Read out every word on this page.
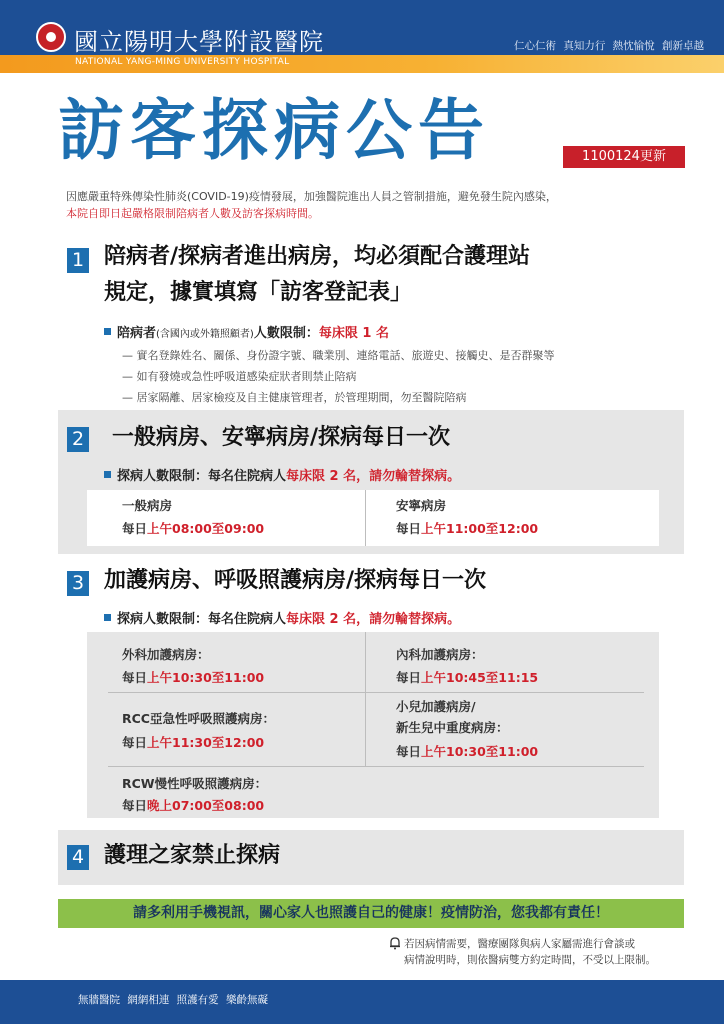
國立陽明大學附設醫院
NATIONAL YANG-MING UNIVERSITY HOSPITAL
仁心仁術 真知力行 熱忱愉悅 創新卓越
訪客探病公告	1100124更新
因應嚴重特殊傳染性肺炎(COVID-19)疫情發展，加強醫院進出人員之管制措施，避免發生院內感染，
本院自即日起嚴格限制陪病者人數及訪客探病時間。
1 陪病者/探病者進出病房，均必須配合護理站
規定，據實填寫「訪客登記表」
陪病者(含國內或外籍照顧者)人數限制：每床限 1 名
— 實名登錄姓名、關係、身份證字號、職業別、連絡電話、旅遊史、接觸史、是否群聚等
— 如有發燒或急性呼吸道感染症狀者則禁止陪病
— 居家隔離、居家檢疫及自主健康管理者，於管理期間，勿至醫院陪病
2 一般病房、安寧病房/探病每日一次
探病人數限制：每名住院病人每床限 2 名，請勿輪替探病。
一般病房
每日上午08:00至09:00
安寧病房
每日上午11:00至12:00
3 加護病房、呼吸照護病房/探病每日一次
探病人數限制：每名住院病人每床限 2 名，請勿輪替探病。
外科加護病房：
每日上午10:30至11:00
內科加護病房：
每日上午10:45至11:15
RCC亞急性呼吸照護病房：
每日上午11:30至12:00
小兒加護病房/
新生兒中重度病房：
每日上午10:30至11:00
RCW慢性呼吸照護病房：
每日晚上07:00至08:00
4 護理之家禁止探病
請多利用手機視訊，關心家人也照護自己的健康！疫情防治，您我都有責任！
若因病情需要，醫療團隊與病人家屬需進行會談或
病情說明時，則依醫病雙方約定時間，不受以上限制。
無牆醫院 網網相連 照護有愛 樂齡無礙
